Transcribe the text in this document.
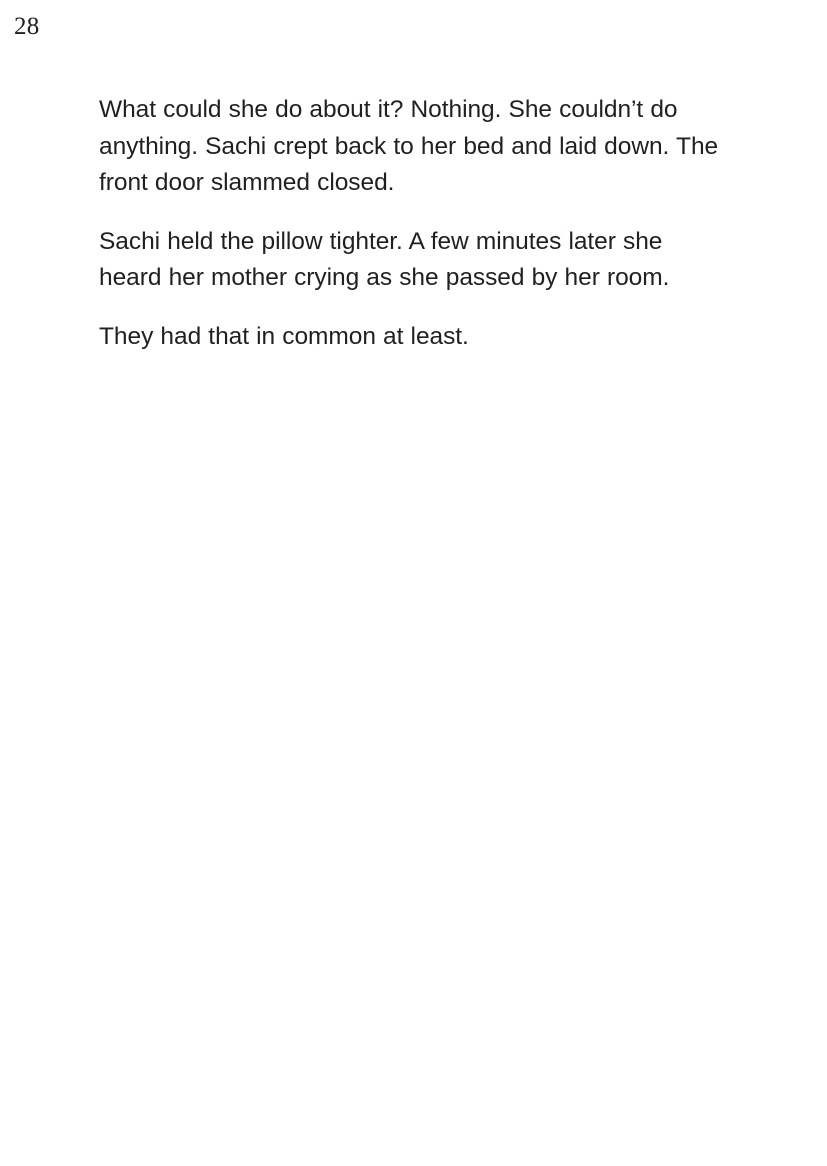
28

What could she do about it? Nothing. She couldn’t do anything. Sachi crept back to her bed and laid down. The front door slammed closed.

Sachi held the pillow tighter. A few minutes later she heard her mother crying as she passed by her room.

They had that in common at least.
